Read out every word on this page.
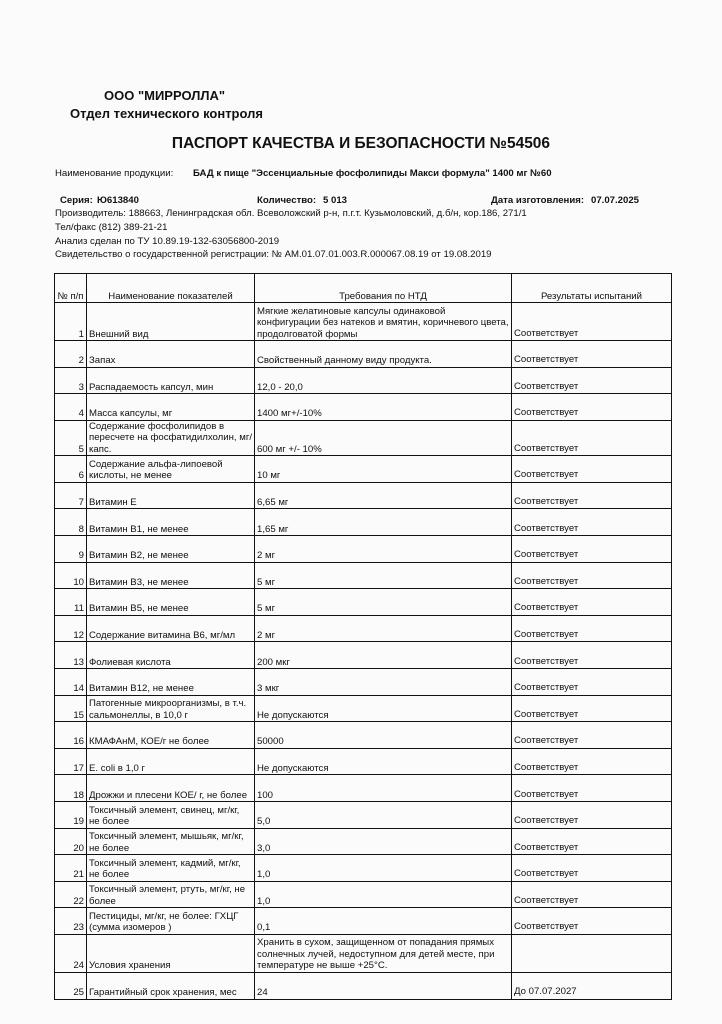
ООО "МИРРОЛЛА"
Отдел технического контроля
ПАСПОРТ КАЧЕСТВА И БЕЗОПАСНОСТИ №54506
Наименование продукции: БАД к пище "Эссенциальные фосфолипиды Макси формула" 1400 мг №60
Серия: Ю613840	Количество: 5 013	Дата изготовления: 07.07.2025
Производитель: 188663, Ленинградская обл. Всеволожский р-н, п.г.т. Кузьмоловский, д.б/н, кор.186, 271/1
Тел/факс (812) 389-21-21
Анализ сделан по ТУ 10.89.19-132-63056800-2019
Свидетельство о государственной регистрации: № АМ.01.07.01.003.R.000067.08.19 от 19.08.2019
№ п/п	Наименование показателей	Требования по НТД	Результаты испытаний
1	Внешний вид	Мягкие желатиновые капсулы одинаковой конфигурации без натеков и вмятин, коричневого цвета, продолговатой формы	Соответствует
2	Запах	Свойственный данному виду продукта.	Соответствует
3	Распадаемость капсул, мин	12,0 - 20,0	Соответствует
4	Масса капсулы, мг	1400 мг+/-10%	Соответствует
5	Содержание фосфолипидов в пересчете на фосфатидилхолин, мг/капс.	600 мг +/- 10%	Соответствует
6	Содержание альфа-липоевой кислоты, не менее	10 мг	Соответствует
7	Витамин Е	6,65 мг	Соответствует
8	Витамин В1, не менее	1,65 мг	Соответствует
9	Витамин В2, не менее	2 мг	Соответствует
10	Витамин В3, не менее	5 мг	Соответствует
11	Витамин В5, не менее	5 мг	Соответствует
12	Содержание витамина В6, мг/мл	2 мг	Соответствует
13	Фолиевая кислота	200 мкг	Соответствует
14	Витамин В12, не менее	3 мкг	Соответствует
15	Патогенные микроорганизмы, в т.ч. сальмонеллы, в 10,0 г	Не допускаются	Соответствует
16	КМАФАнМ, КОЕ/г не более	50000	Соответствует
17	E. coli в 1,0 г	Не допускаются	Соответствует
18	Дрожжи и плесени КОЕ/ г, не более	100	Соответствует
19	Токсичный элемент, свинец, мг/кг, не более	5,0	Соответствует
20	Токсичный элемент, мышьяк, мг/кг, не более	3,0	Соответствует
21	Токсичный элемент, кадмий, мг/кг, не более	1,0	Соответствует
22	Токсичный элемент, ртуть, мг/кг, не более	1,0	Соответствует
23	Пестициды, мг/кг, не более: ГХЦГ (сумма изомеров )	0,1	Соответствует
24	Условия хранения	Хранить в сухом, защищенном от попадания прямых солнечных лучей, недоступном для детей месте, при температуре не выше +25°С.	
25	Гарантийный срок хранения, мес	24	До 07.07.2027
